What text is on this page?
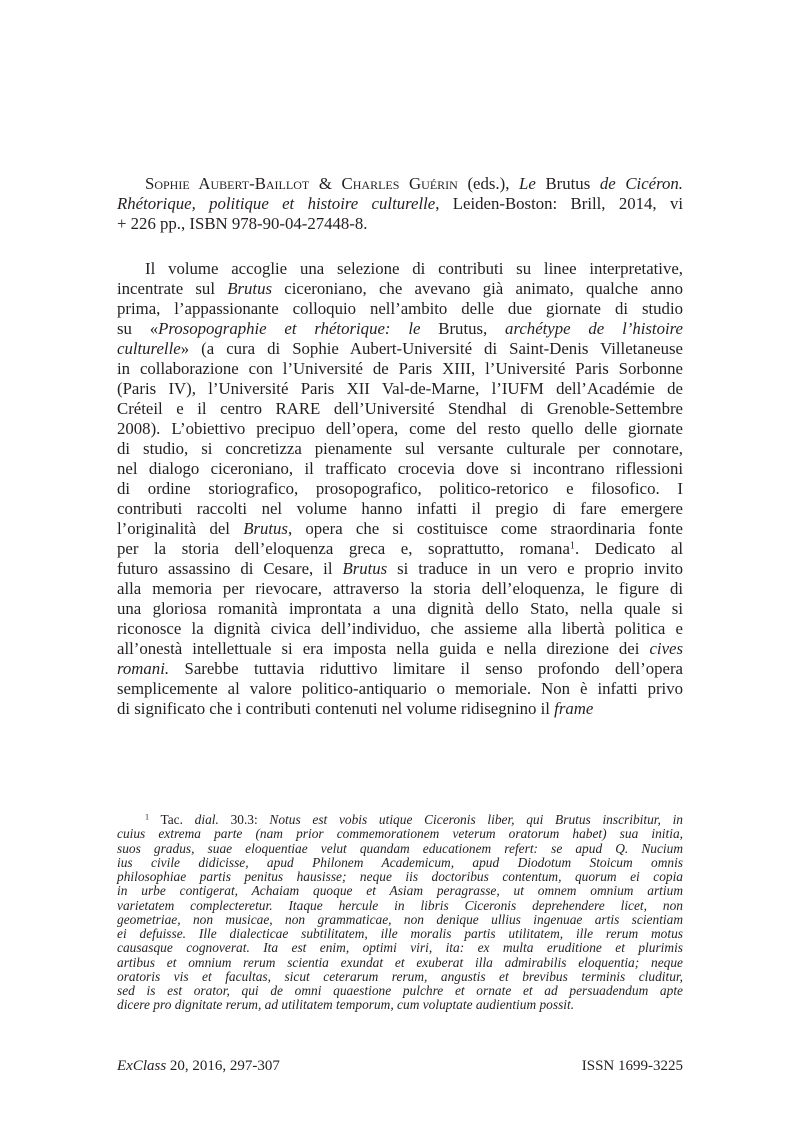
Sophie Aubert-Baillot & Charles Guérin (eds.), Le Brutus de Cicéron.
Rhétorique, politique et histoire culturelle, Leiden-Boston: Brill, 2014, vi
+ 226 pp., ISBN 978-90-04-27448-8.
Il volume accoglie una selezione di contributi su linee interpretative,
incentrate sul Brutus ciceroniano, che avevano già animato, qualche anno
prima, l’appassionante colloquio nell’ambito delle due giornate di studio
su «Prosopographie et rhétorique: le Brutus, archétype de l’histoire
culturelle» (a cura di Sophie Aubert-Université di Saint-Denis Villetaneuse
in collaborazione con l’Université de Paris XIII, l’Université Paris Sorbonne
(Paris IV), l’Université Paris XII Val-de-Marne, l’IUFM dell’Académie de
Créteil e il centro RARE dell’Université Stendhal di Grenoble-Settembre
2008). L’obiettivo precipuo dell’opera, come del resto quello delle giornate
di studio, si concretizza pienamente sul versante culturale per connotare,
nel dialogo ciceroniano, il trafficato crocevia dove si incontrano riflessioni
di ordine storiografico, prosopografico, politico-retorico e filosofico. I
contributi raccolti nel volume hanno infatti il pregio di fare emergere
l’originalità del Brutus, opera che si costituisce come straordinaria fonte
per la storia dell’eloquenza greca e, soprattutto, romana$^1$. Dedicato al
futuro assassino di Cesare, il Brutus si traduce in un vero e proprio invito
alla memoria per rievocare, attraverso la storia dell’eloquenza, le figure di
una gloriosa romanità improntata a una dignità dello Stato, nella quale si
riconosce la dignità civica dell’individuo, che assieme alla libertà politica e
all’onestà intellettuale si era imposta nella guida e nella direzione dei cives
romani. Sarebbe tuttavia riduttivo limitare il senso profondo dell’opera
semplicemente al valore politico-antiquario o memoriale. Non è infatti privo
di significato che i contributi contenuti nel volume ridisegnino il frame
$^1$ Tac. dial. 30.3: Notus est vobis utique Ciceronis liber, qui Brutus inscribitur, in
cuius extrema parte (nam prior commemorationem veterum oratorum habet) sua initia,
suos gradus, suae eloquentiae velut quandam educationem refert: se apud Q. Nucium
ius civile didicisse, apud Philonem Academicum, apud Diodotum Stoicum omnis
philosophiae partis penitus hausisse; neque iis doctoribus contentum, quorum ei copia
in urbe contigerat, Achaiam quoque et Asiam peragrasse, ut omnem omnium artium
varietatem complecteretur. Itaque hercule in libris Ciceronis deprehendere licet, non
geometriae, non musicae, non grammaticae, non denique ullius ingenuae artis scientiam
ei defuisse. Ille dialecticae subtilitatem, ille moralis partis utilitatem, ille rerum motus
causasque cognoverat. Ita est enim, optimi viri, ita: ex multa eruditione et plurimis
artibus et omnium rerum scientia exundat et exuberat illa admirabilis eloquentia; neque
oratoris vis et facultas, sicut ceterarum rerum, angustis et brevibus terminis cluditur,
sed is est orator, qui de omni quaestione pulchre et ornate et ad persuadendum apte
dicere pro dignitate rerum, ad utilitatem temporum, cum voluptate audientium possit.
ExClass 20, 2016, 297-307	ISSN 1699-3225
